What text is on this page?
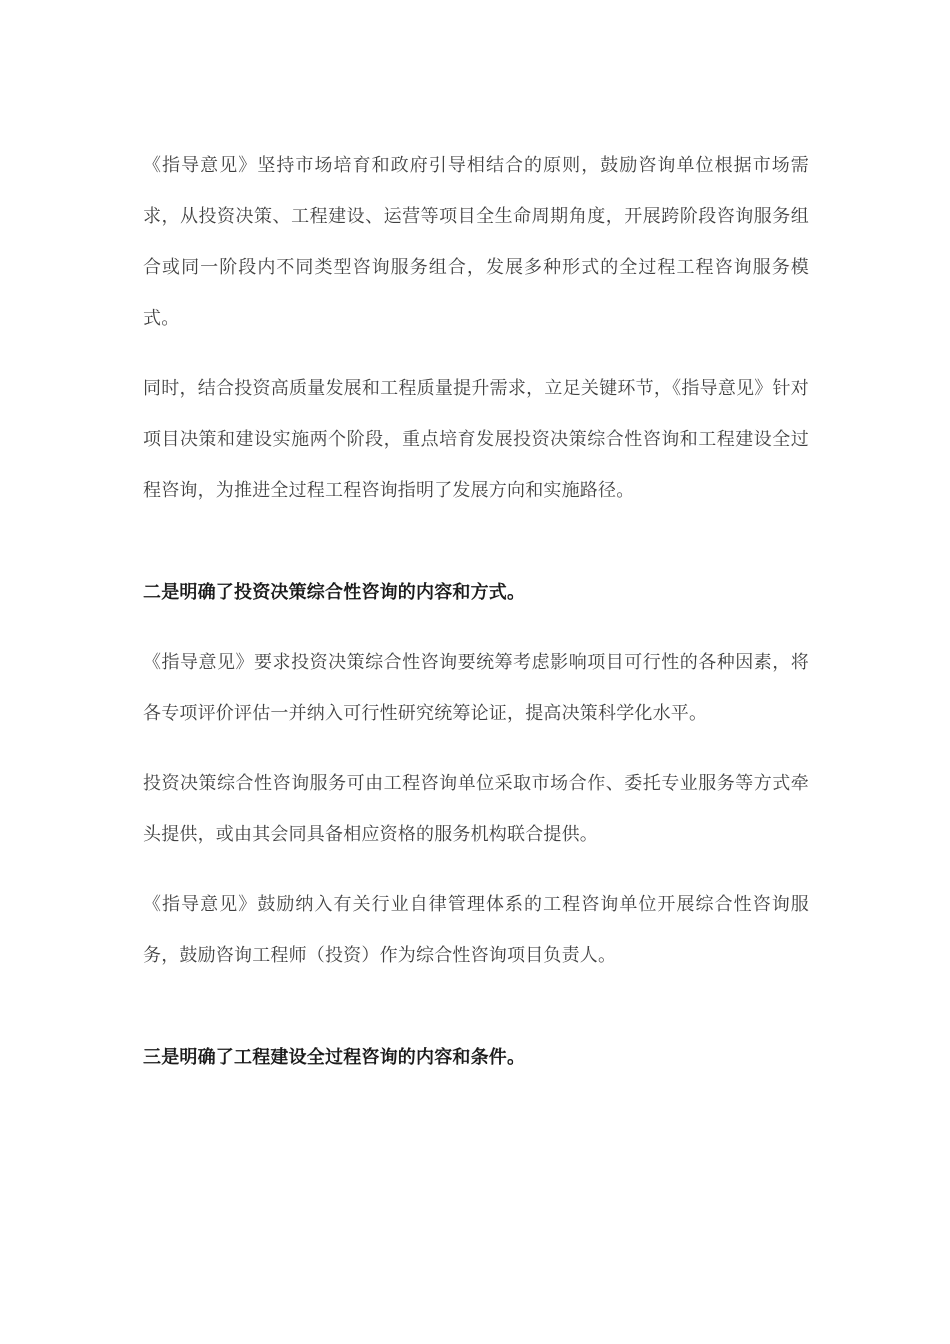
《指导意见》坚持市场培育和政府引导相结合的原则，鼓励咨询单位根据市场需求，从投资决策、工程建设、运营等项目全生命周期角度，开展跨阶段咨询服务组合或同一阶段内不同类型咨询服务组合，发展多种形式的全过程工程咨询服务模式。

同时，结合投资高质量发展和工程质量提升需求，立足关键环节，《指导意见》针对项目决策和建设实施两个阶段，重点培育发展投资决策综合性咨询和工程建设全过程咨询，为推进全过程工程咨询指明了发展方向和实施路径。

二是明确了投资决策综合性咨询的内容和方式。

《指导意见》要求投资决策综合性咨询要统筹考虑影响项目可行性的各种因素，将各专项评价评估一并纳入可行性研究统筹论证，提高决策科学化水平。

投资决策综合性咨询服务可由工程咨询单位采取市场合作、委托专业服务等方式牵头提供，或由其会同具备相应资格的服务机构联合提供。

《指导意见》鼓励纳入有关行业自律管理体系的工程咨询单位开展综合性咨询服务，鼓励咨询工程师（投资）作为综合性咨询项目负责人。

三是明确了工程建设全过程咨询的内容和条件。
